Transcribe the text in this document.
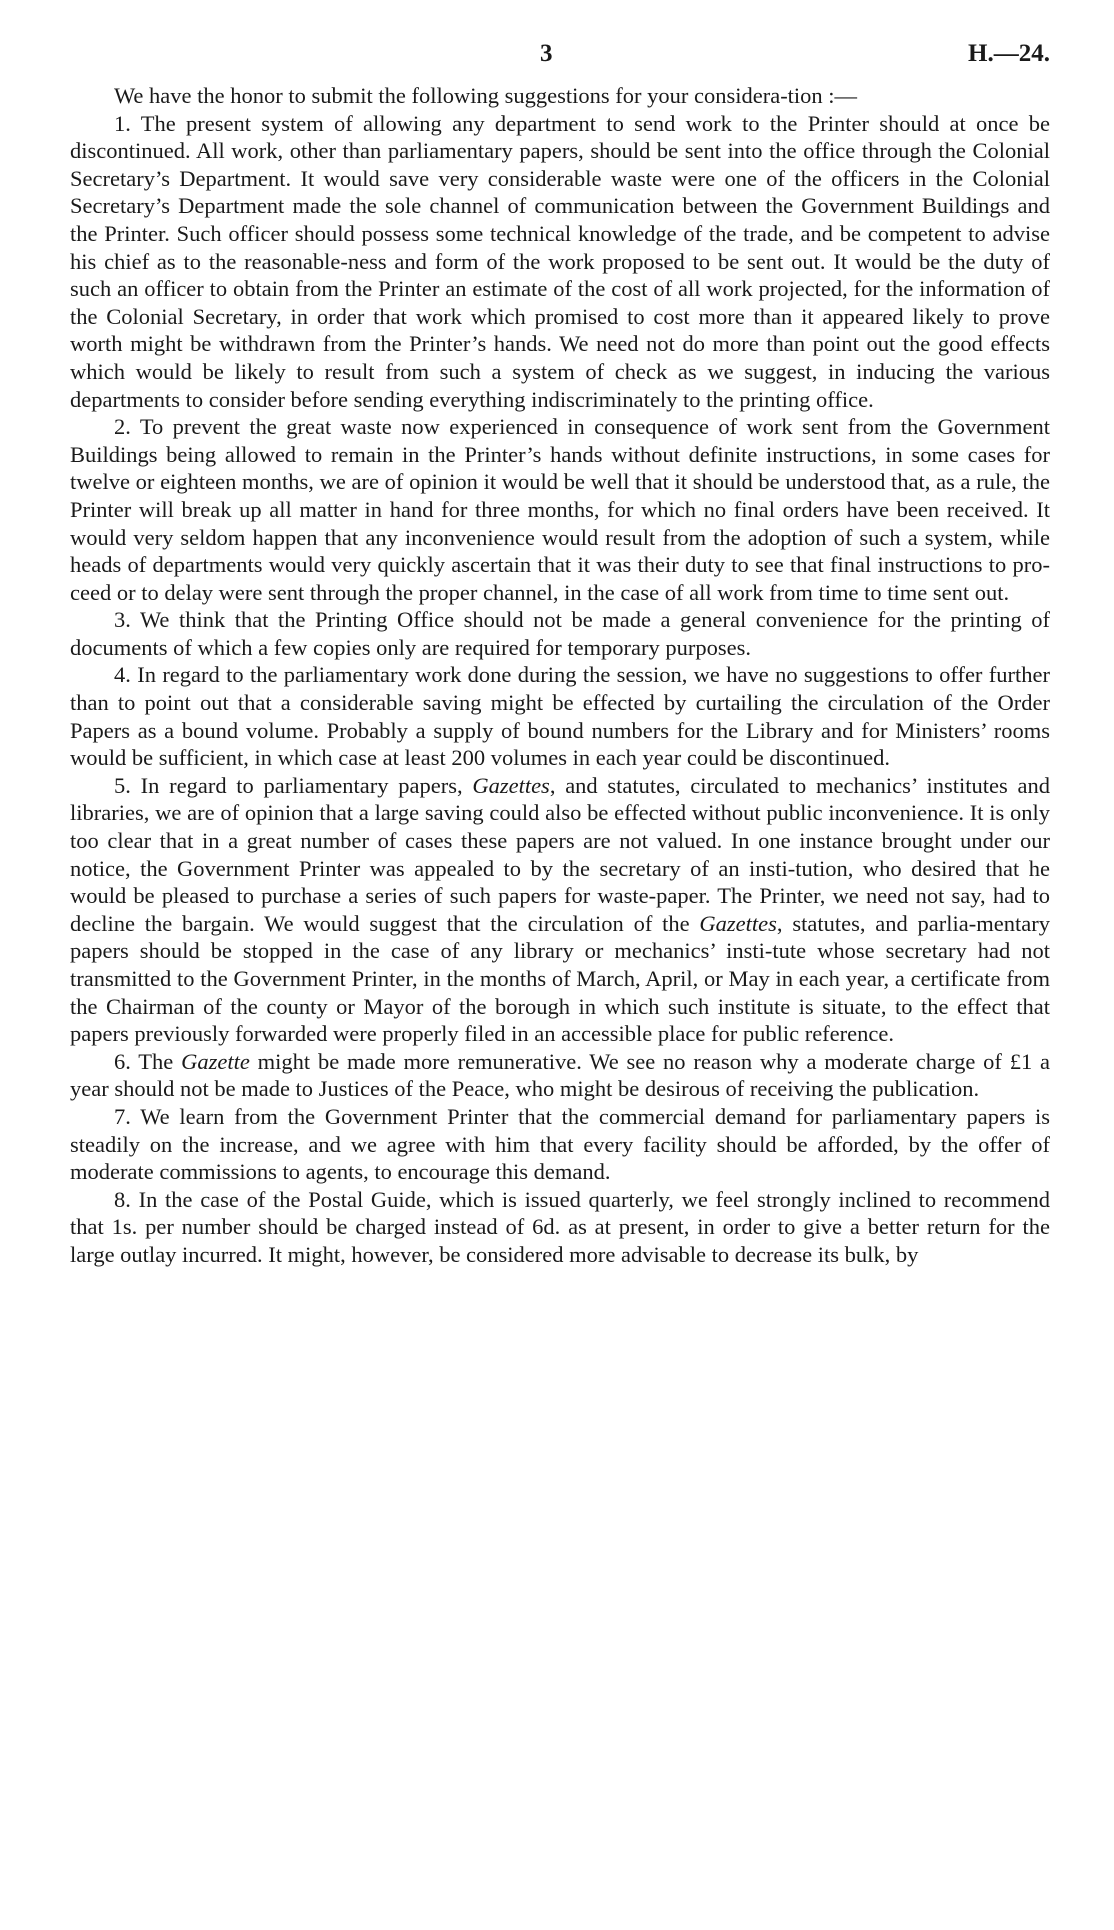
3	H.—24.

We have the honor to submit the following suggestions for your considera-tion :—

1. The present system of allowing any department to send work to the Printer should at once be discontinued. All work, other than parliamentary papers, should be sent into the office through the Colonial Secretary’s Department. It would save very considerable waste were one of the officers in the Colonial Secretary’s Department made the sole channel of communication between the Government Buildings and the Printer. Such officer should possess some technical knowledge of the trade, and be competent to advise his chief as to the reasonable-ness and form of the work proposed to be sent out. It would be the duty of such an officer to obtain from the Printer an estimate of the cost of all work projected, for the information of the Colonial Secretary, in order that work which promised to cost more than it appeared likely to prove worth might be withdrawn from the Printer’s hands. We need not do more than point out the good effects which would be likely to result from such a system of check as we suggest, in inducing the various departments to consider before sending everything indiscriminately to the printing office.

2. To prevent the great waste now experienced in consequence of work sent from the Government Buildings being allowed to remain in the Printer’s hands without definite instructions, in some cases for twelve or eighteen months, we are of opinion it would be well that it should be understood that, as a rule, the Printer will break up all matter in hand for three months, for which no final orders have been received. It would very seldom happen that any inconvenience would result from the adoption of such a system, while heads of departments would very quickly ascertain that it was their duty to see that final instructions to pro-ceed or to delay were sent through the proper channel, in the case of all work from time to time sent out.

3. We think that the Printing Office should not be made a general convenience for the printing of documents of which a few copies only are required for temporary purposes.

4. In regard to the parliamentary work done during the session, we have no suggestions to offer further than to point out that a considerable saving might be effected by curtailing the circulation of the Order Papers as a bound volume. Probably a supply of bound numbers for the Library and for Ministers’ rooms would be sufficient, in which case at least 200 volumes in each year could be discontinued.

5. In regard to parliamentary papers, Gazettes, and statutes, circulated to mechanics’ institutes and libraries, we are of opinion that a large saving could also be effected without public inconvenience. It is only too clear that in a great number of cases these papers are not valued. In one instance brought under our notice, the Government Printer was appealed to by the secretary of an insti-tution, who desired that he would be pleased to purchase a series of such papers for waste-paper. The Printer, we need not say, had to decline the bargain. We would suggest that the circulation of the Gazettes, statutes, and parlia-mentary papers should be stopped in the case of any library or mechanics’ insti-tute whose secretary had not transmitted to the Government Printer, in the months of March, April, or May in each year, a certificate from the Chairman of the county or Mayor of the borough in which such institute is situate, to the effect that papers previously forwarded were properly filed in an accessible place for public reference.

6. The Gazette might be made more remunerative. We see no reason why a moderate charge of £1 a year should not be made to Justices of the Peace, who might be desirous of receiving the publication.

7. We learn from the Government Printer that the commercial demand for parliamentary papers is steadily on the increase, and we agree with him that every facility should be afforded, by the offer of moderate commissions to agents, to encourage this demand.

8. In the case of the Postal Guide, which is issued quarterly, we feel strongly inclined to recommend that 1s. per number should be charged instead of 6d. as at present, in order to give a better return for the large outlay incurred. It might, however, be considered more advisable to decrease its bulk, by
